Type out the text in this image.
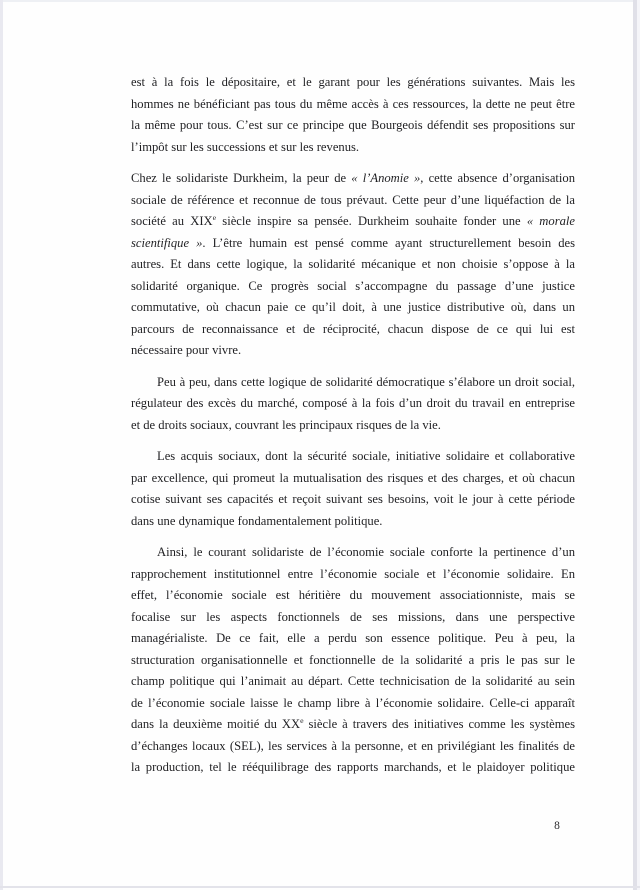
est à la fois le dépositaire, et le garant pour les générations suivantes. Mais les
hommes ne bénéficiant pas tous du même accès à ces ressources, la dette ne peut être
la même pour tous. C’est sur ce principe que Bourgeois défendit ses propositions sur
l’impôt sur les successions et sur les revenus.
Chez le solidariste Durkheim, la peur de « l’Anomie », cette absence d’organisation
sociale de référence et reconnue de tous prévaut. Cette peur d’une liquéfaction de la
société au XIXe siècle inspire sa pensée. Durkheim souhaite fonder une « morale
scientifique ». L’être humain est pensé comme ayant structurellement besoin des
autres. Et dans cette logique, la solidarité mécanique et non choisie s’oppose à la
solidarité organique. Ce progrès social s’accompagne du passage d’une justice
commutative, où chacun paie ce qu’il doit, à une justice distributive où, dans un
parcours de reconnaissance et de réciprocité, chacun dispose de ce qui lui est
nécessaire pour vivre.
Peu à peu, dans cette logique de solidarité démocratique s’élabore un droit social,
régulateur des excès du marché, composé à la fois d’un droit du travail en entreprise
et de droits sociaux, couvrant les principaux risques de la vie.
Les acquis sociaux, dont la sécurité sociale, initiative solidaire et collaborative
par excellence, qui promeut la mutualisation des risques et des charges, et où chacun
cotise suivant ses capacités et reçoit suivant ses besoins, voit le jour à cette période
dans une dynamique fondamentalement politique.
Ainsi, le courant solidariste de l’économie sociale conforte la pertinence d’un
rapprochement institutionnel entre l’économie sociale et l’économie solidaire. En
effet, l’économie sociale est héritière du mouvement associationniste, mais se
focalise sur les aspects fonctionnels de ses missions, dans une perspective
managérialiste. De ce fait, elle a perdu son essence politique. Peu à peu, la
structuration organisationnelle et fonctionnelle de la solidarité a pris le pas sur le
champ politique qui l’animait au départ. Cette technicisation de la solidarité au sein
de l’économie sociale laisse le champ libre à l’économie solidaire. Celle-ci apparaît
dans la deuxième moitié du XXe siècle à travers des initiatives comme les systèmes
d’échanges locaux (SEL), les services à la personne, et en privilégiant les finalités de
la production, tel le rééquilibrage des rapports marchands, et le plaidoyer politique
8
